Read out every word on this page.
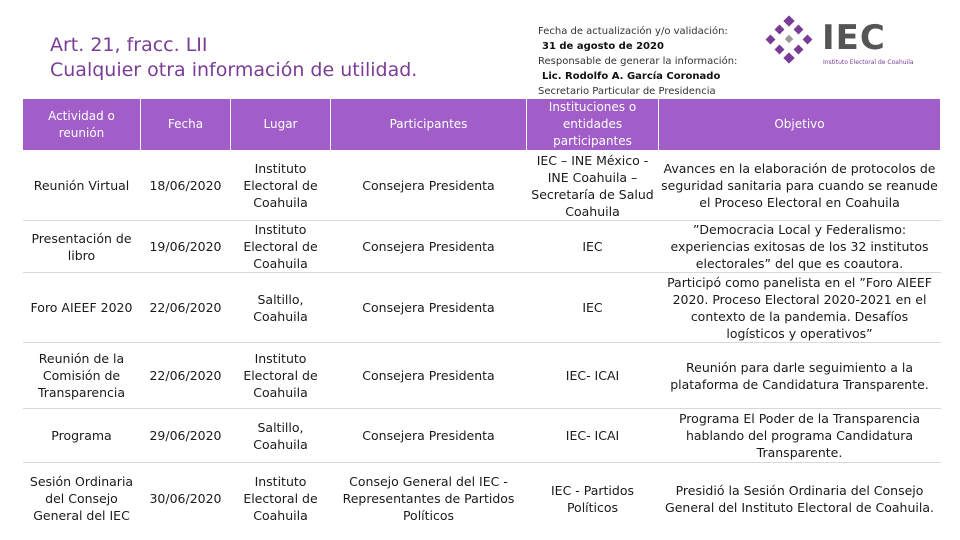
Art. 21, fracc. LII
Cualquier otra información de utilidad.
Fecha de actualización y/o validación:
31 de agosto de 2020
Responsable de generar la información:
Lic. Rodolfo A. García Coronado
Secretario Particular de Presidencia
IEC
Instituto Electoral de Coahuila
Actividad o reunión	Fecha	Lugar	Participantes	Instituciones o entidades participantes	Objetivo
Reunión Virtual	18/06/2020	Instituto Electoral de Coahuila	Consejera Presidenta	IEC – INE México -INE Coahuila – Secretaría de Salud Coahuila	Avances en la elaboración de protocolos de seguridad sanitaria para cuando se reanude el Proceso Electoral en Coahuila
Presentación de libro	19/06/2020	Instituto Electoral de Coahuila	Consejera Presidenta	IEC	”Democracia Local y Federalismo: experiencias exitosas de los 32 institutos electorales” del que es coautora.
Foro AIEEF 2020	22/06/2020	Saltillo, Coahuila	Consejera Presidenta	IEC	Participó como panelista en el ”Foro AIEEF 2020. Proceso Electoral 2020-2021 en el contexto de la pandemia. Desafíos logísticos y operativos”
Reunión de la Comisión de Transparencia	22/06/2020	Instituto Electoral de Coahuila	Consejera Presidenta	IEC- ICAI	Reunión para darle seguimiento a la plataforma de Candidatura Transparente.
Programa	29/06/2020	Saltillo, Coahuila	Consejera Presidenta	IEC- ICAI	Programa El Poder de la Transparencia hablando del programa Candidatura Transparente.
Sesión Ordinaria del Consejo General del IEC	30/06/2020	Instituto Electoral de Coahuila	Consejo General del IEC - Representantes de Partidos Políticos	IEC - Partidos Políticos	Presidió la Sesión Ordinaria del Consejo General del Instituto Electoral de Coahuila.
